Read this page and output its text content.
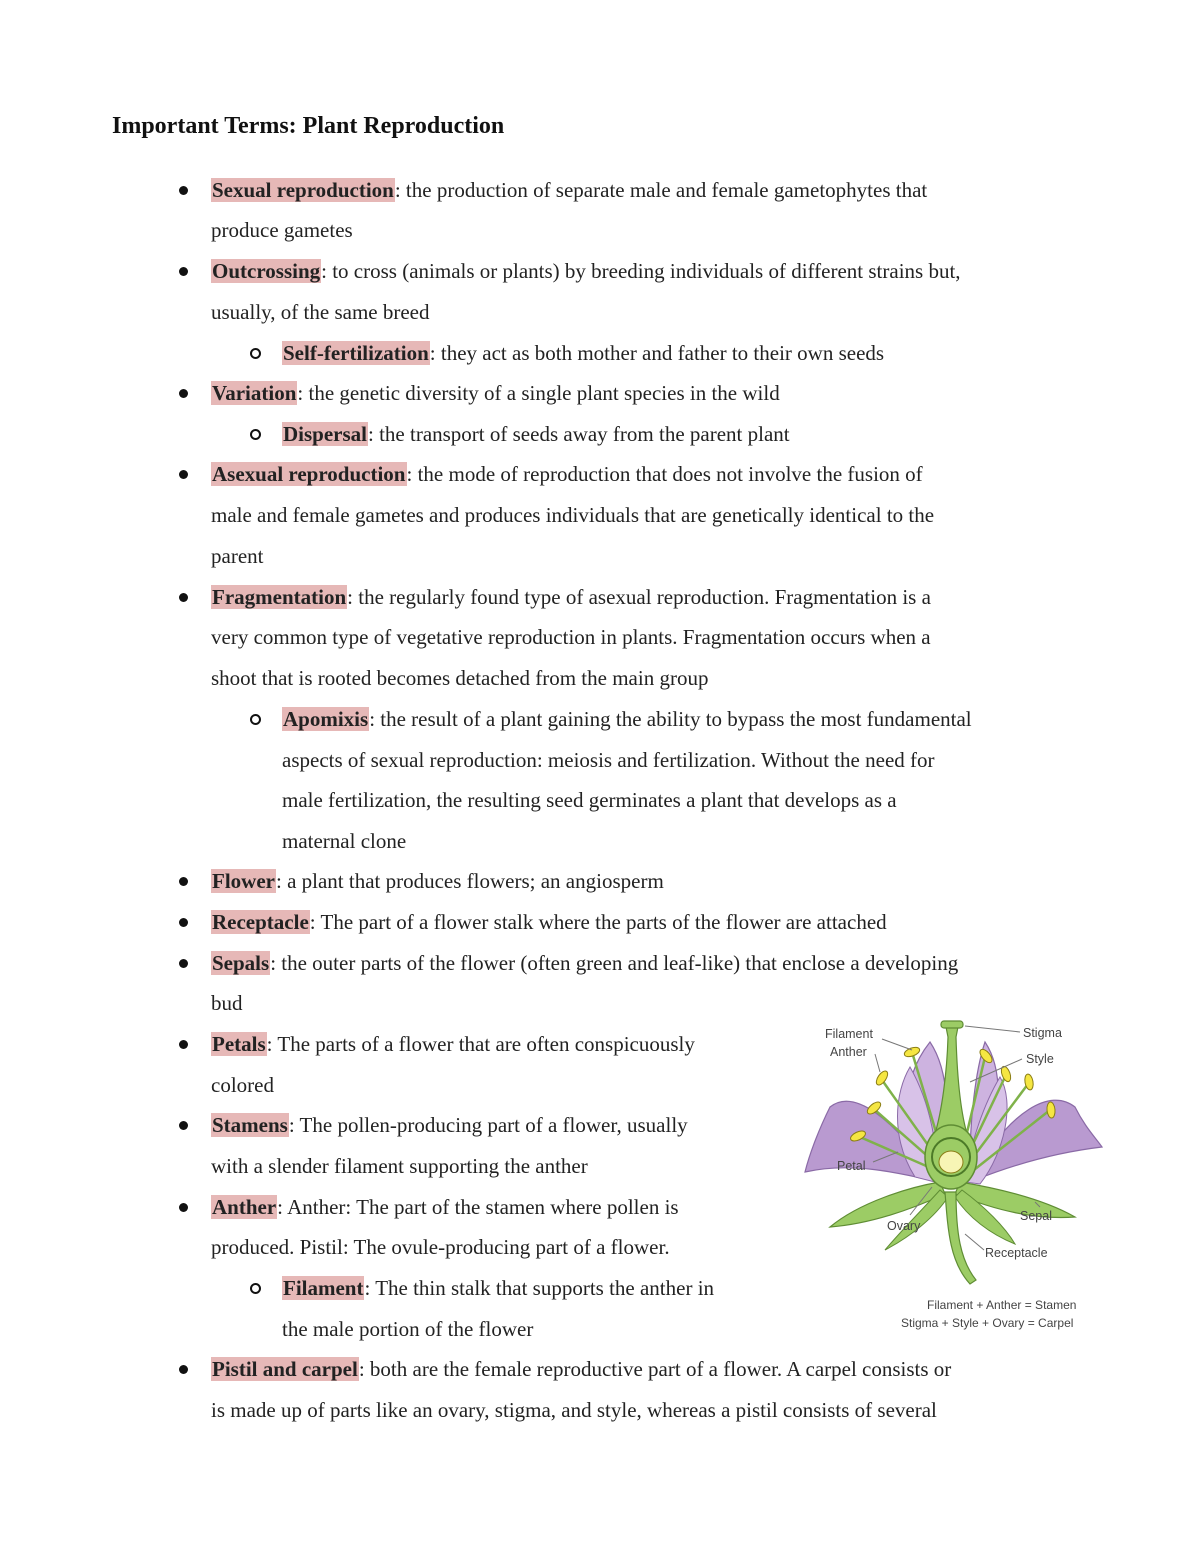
Important Terms: Plant Reproduction
Sexual reproduction: the production of separate male and female gametophytes that
produce gametes
Outcrossing: to cross (animals or plants) by breeding individuals of different strains but,
usually, of the same breed
Self-fertilization: they act as both mother and father to their own seeds
Variation: the genetic diversity of a single plant species in the wild
Dispersal: the transport of seeds away from the parent plant
Asexual reproduction: the mode of reproduction that does not involve the fusion of
male and female gametes and produces individuals that are genetically identical to the
parent
Fragmentation: the regularly found type of asexual reproduction. Fragmentation is a
very common type of vegetative reproduction in plants. Fragmentation occurs when a
shoot that is rooted becomes detached from the main group
Apomixis: the result of a plant gaining the ability to bypass the most fundamental
aspects of sexual reproduction: meiosis and fertilization. Without the need for
male fertilization, the resulting seed germinates a plant that develops as a
maternal clone
Flower: a plant that produces flowers; an angiosperm
Receptacle: The part of a flower stalk where the parts of the flower are attached
Sepals: the outer parts of the flower (often green and leaf-like) that enclose a developing
bud
Petals: The parts of a flower that are often conspicuously
colored
Stamens: The pollen-producing part of a flower, usually
with a slender filament supporting the anther
Anther: Anther: The part of the stamen where pollen is
produced. Pistil: The ovule-producing part of a flower.
Filament: The thin stalk that supports the anther in
the male portion of the flower
Pistil and carpel: both are the female reproductive part of a flower. A carpel consists or
is made up of parts like an ovary, stigma, and style, whereas a pistil consists of several
Filament
Anther
Stigma
Style
Petal
Ovary
Sepal
Receptacle
Filament + Anther = Stamen
Stigma + Style + Ovary = Carpel
